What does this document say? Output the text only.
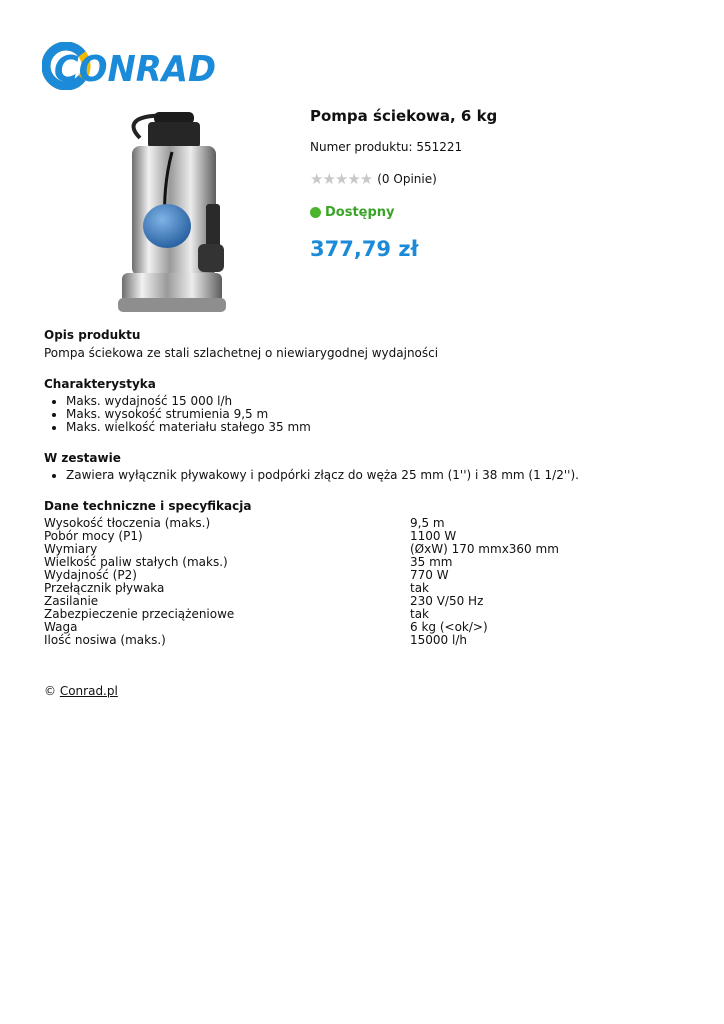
CONRAD
Pompa ściekowa, 6 kg
Numer produktu: 551221
★★★★★ (0 Opinie)
Dostępny
377,79 zł
Opis produktu

Pompa ściekowa ze stali szlachetnej o niewiarygodnej wydajności

Charakterystyka
• Maks. wydajność 15 000 l/h
• Maks. wysokość strumienia 9,5 m
• Maks. wielkość materiału stałego 35 mm
W zestawie
• Zawiera wyłącznik pływakowy i podpórki złącz do węża 25 mm (1'') i 38 mm (1 1/2'').
Dane techniczne i specyfikacja
Wysokość tłoczenia (maks.)	9,5 m
Pobór mocy (P1)	1100 W
Wymiary	(ØxW) 170 mmx360 mm
Wielkość paliw stałych (maks.)	35 mm
Wydajność (P2)	770 W
Przełącznik pływaka	tak
Zasilanie	230 V/50 Hz
Zabezpieczenie przeciążeniowe	tak
Waga	6 kg (<ok/>)
Ilość nosiwa (maks.)	15000 l/h
© Conrad.pl
